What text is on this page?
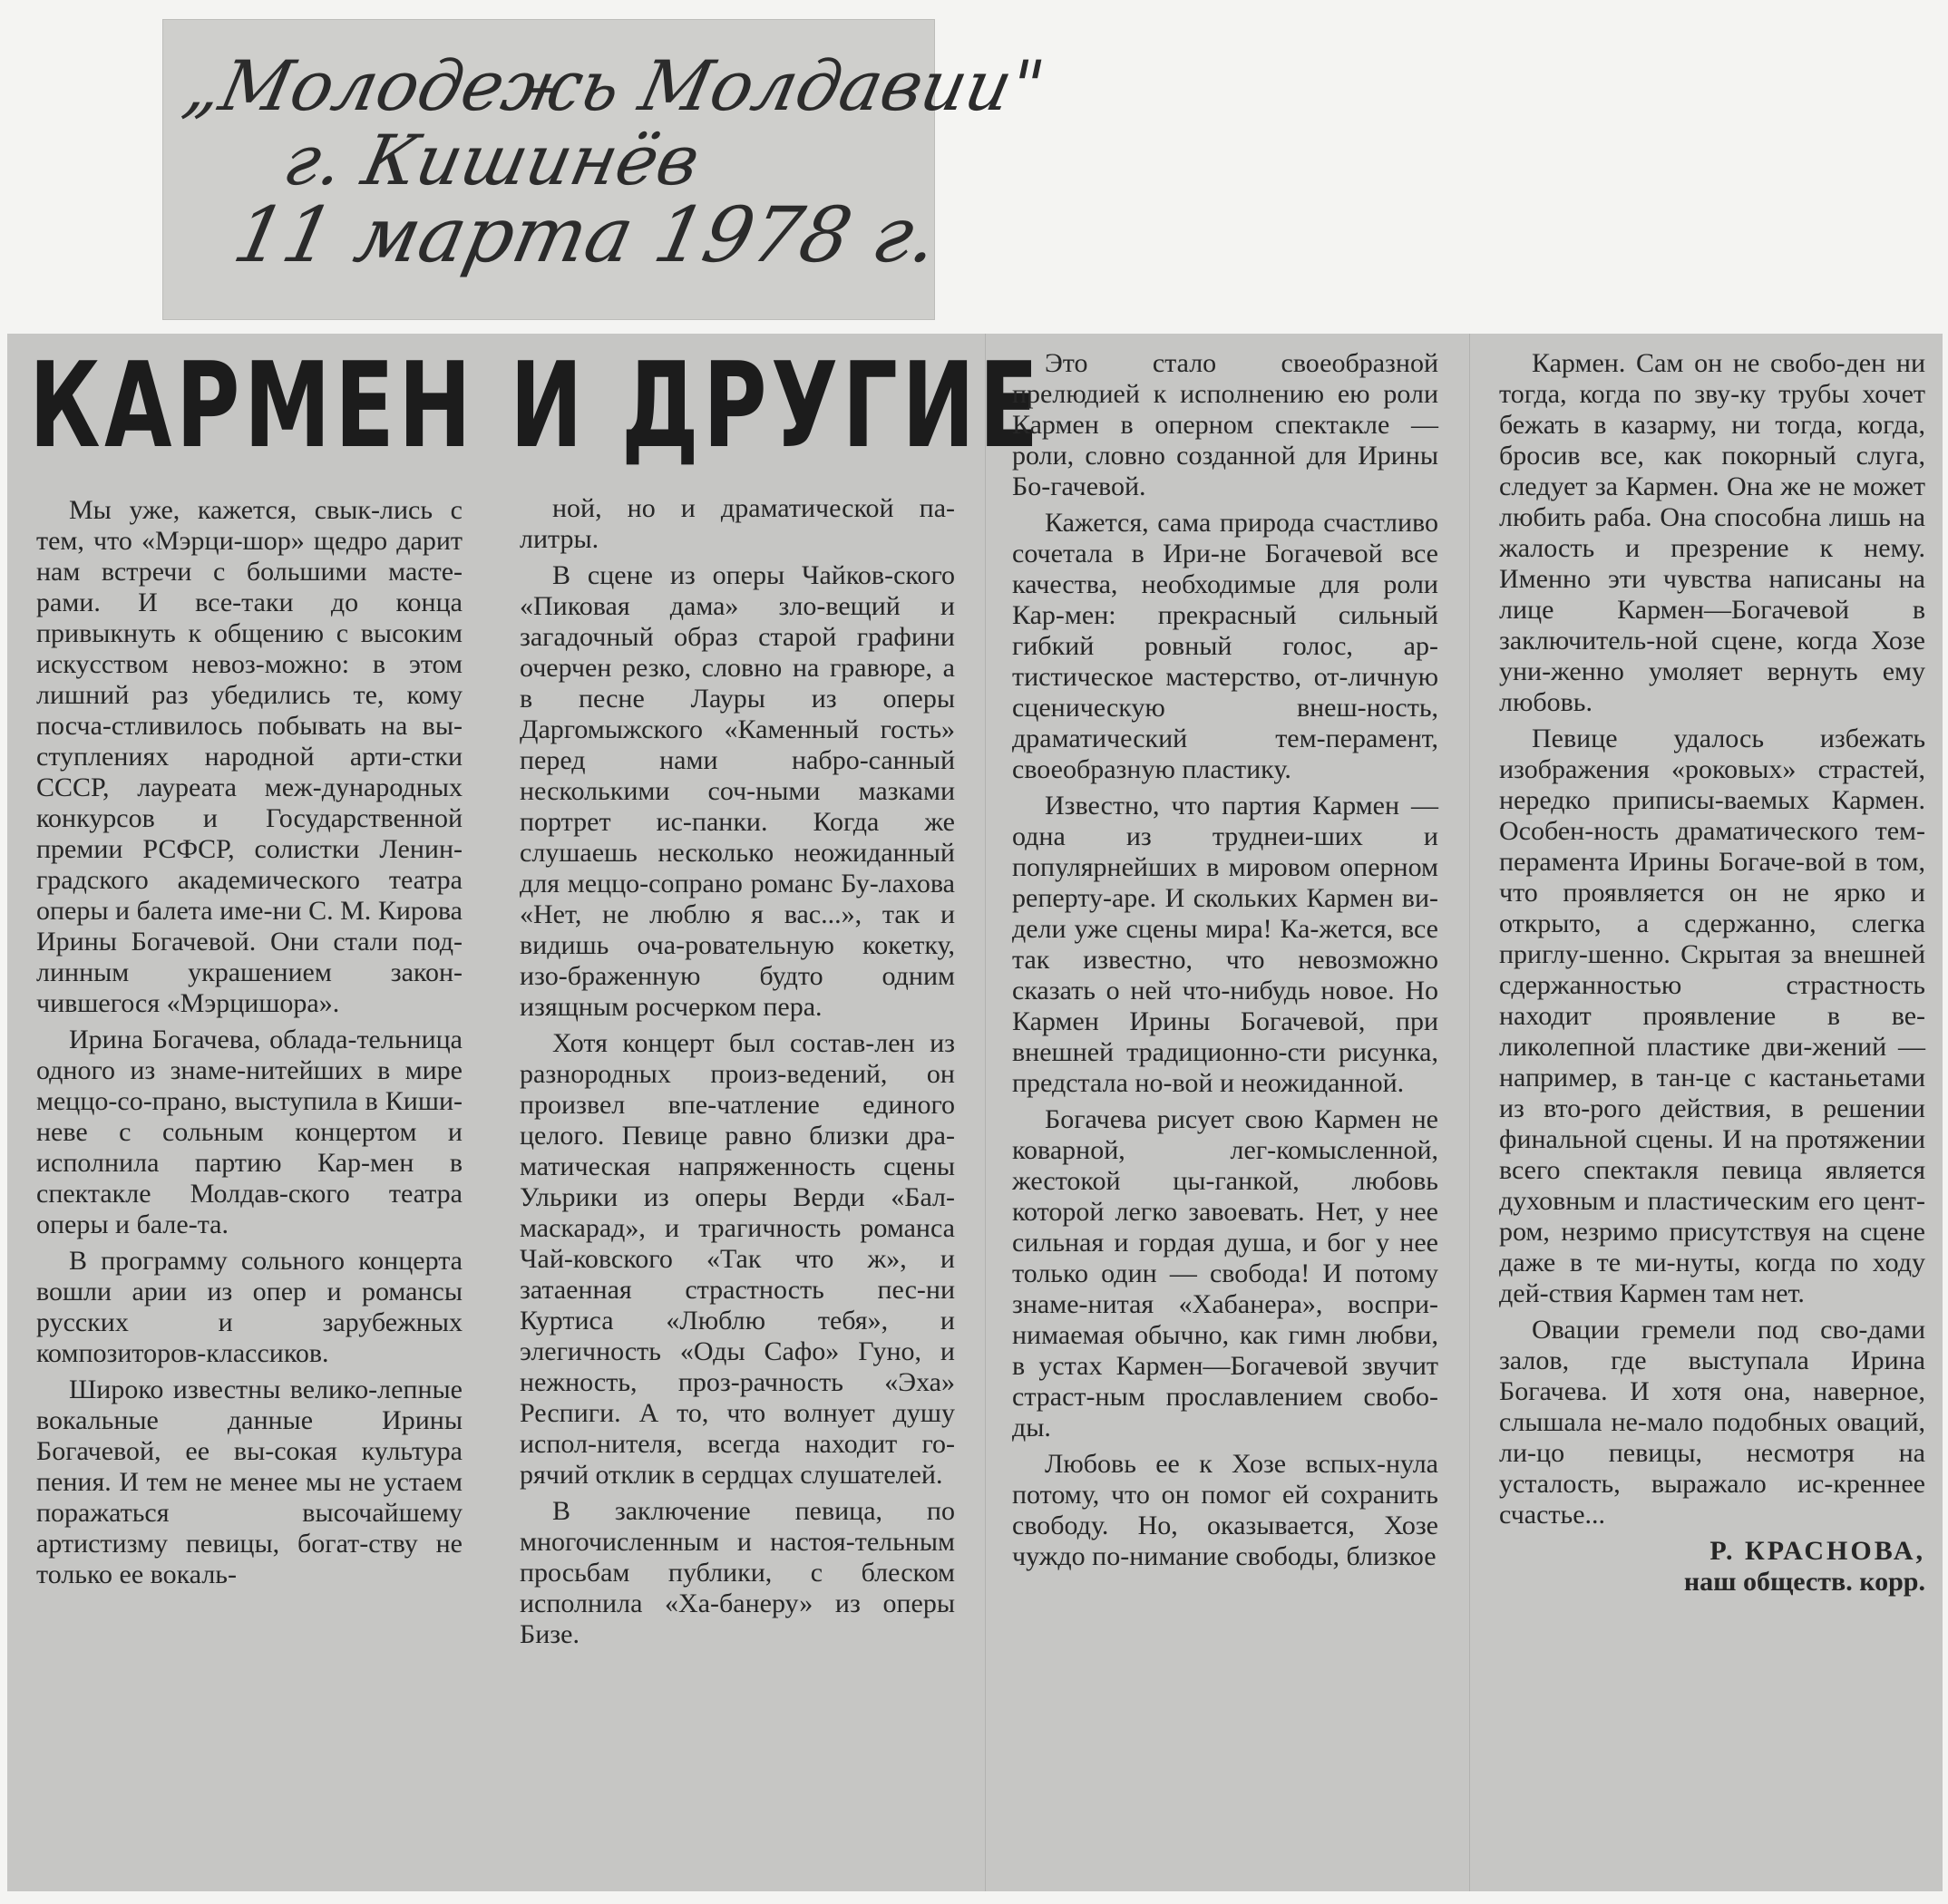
„Молодежь Молдавии"
г. Кишинёв
11 марта 1978 г.
КАРМЕН И ДРУГИЕ

Мы уже, кажется, свык-лись с тем, что «Мэрци-шор» щедро дарит нам встречи с большими масте-рами. И все-таки до конца привыкнуть к общению с высоким искусством невоз-можно: в этом лишний раз убедились те, кому посча-стливилось побывать на вы-ступлениях народной арти-стки СССР, лауреата меж-дународных конкурсов и Государственной премии РСФСР, солистки Ленин-градского академического театра оперы и балета име-ни С. М. Кирова Ирины Богачевой. Они стали под-линным украшением закон-чившегося «Мэрцишора».

Ирина Богачева, облада-тельница одного из знаме-нитейших в мире меццо-со-прано, выступила в Киши-неве с сольным концертом и исполнила партию Кар-мен в спектакле Молдав-ского театра оперы и бале-та.

В программу сольного концерта вошли арии из опер и романсы русских и зарубежных композиторов-классиков.

Широко известны велико-лепные вокальные данные Ирины Богачевой, ее вы-сокая культура пения. И тем не менее мы не устаем поражаться высочайшему артистизму певицы, богат-ству не только ее вокаль-

ной, но и драматической па-литры.

В сцене из оперы Чайков-ского «Пиковая дама» зло-вещий и загадочный образ старой графини очерчен резко, словно на гравюре, а в песне Лауры из оперы Даргомыжского «Каменный гость» перед нами набро-санный несколькими соч-ными мазками портрет ис-панки. Когда же слушаешь несколько неожиданный для меццо-сопрано романс Бу-лахова «Нет, не люблю я вас...», так и видишь оча-ровательную кокетку, изо-браженную будто одним изящным росчерком пера.

Хотя концерт был состав-лен из разнородных произ-ведений, он произвел впе-чатление единого целого. Певице равно близки дра-матическая напряженность сцены Ульрики из оперы Верди «Бал-маскарад», и трагичность романса Чай-ковского «Так что ж», и затаенная страстность пес-ни Куртиса «Люблю тебя», и элегичность «Оды Сафо» Гуно, и нежность, проз-рачность «Эха» Респиги. А то, что волнует душу испол-нителя, всегда находит го-рячий отклик в сердцах слушателей.

В заключение певица, по многочисленным и настоя-тельным просьбам публики, с блеском исполнила «Ха-банеру» из оперы Бизе.

Это стало своеобразной прелюдией к исполнению ею роли Кармен в оперном спектакле — роли, словно созданной для Ирины Бо-гачевой.

Кажется, сама природа счастливо сочетала в Ири-не Богачевой все качества, необходимые для роли Кар-мен: прекрасный сильный гибкий ровный голос, ар-тистическое мастерство, от-личную сценическую внеш-ность, драматический тем-перамент, своеобразную пластику.

Известно, что партия Кармен — одна из труднеи-ших и популярнейших в мировом оперном реперту-аре. И скольких Кармен ви-дели уже сцены мира! Ка-жется, все так известно, что невозможно сказать о ней что-нибудь новое. Но Кармен Ирины Богачевой, при внешней традиционно-сти рисунка, предстала но-вой и неожиданной.

Богачева рисует свою Кармен не коварной, лег-комысленной, жестокой цы-ганкой, любовь которой легко завоевать. Нет, у нее сильная и гордая душа, и бог у нее только один — свобода! И потому знаме-нитая «Хабанера», воспри-нимаемая обычно, как гимн любви, в устах Кармен—Богачевой звучит страст-ным прославлением свобо-ды.

Любовь ее к Хозе вспых-нула потому, что он помог ей сохранить свободу. Но, оказывается, Хозе чуждо по-нимание свободы, близкое

Кармен. Сам он не свобо-ден ни тогда, когда по зву-ку трубы хочет бежать в казарму, ни тогда, когда, бросив все, как покорный слуга, следует за Кармен. Она же не может любить раба. Она способна лишь на жалость и презрение к нему. Именно эти чувства написаны на лице Кармен—Богачевой в заключитель-ной сцене, когда Хозе уни-женно умоляет вернуть ему любовь.

Певице удалось избежать изображения «роковых» страстей, нередко приписы-ваемых Кармен. Особен-ность драматического тем-перамента Ирины Богаче-вой в том, что проявляется он не ярко и открыто, а сдержанно, слегка приглу-шенно. Скрытая за внешней сдержанностью страстность находит проявление в ве-ликолепной пластике дви-жений — например, в тан-це с кастаньетами из вто-рого действия, в решении финальной сцены. И на протяжении всего спектакля певица является духовным и пластическим его цент-ром, незримо присутствуя на сцене даже в те ми-нуты, когда по ходу дей-ствия Кармен там нет.

Овации гремели под сво-дами залов, где выступала Ирина Богачева. И хотя она, наверное, слышала не-мало подобных оваций, ли-цо певицы, несмотря на усталость, выражало ис-креннее счастье...

Р. КРАСНОВА,
наш обществ. корр.
